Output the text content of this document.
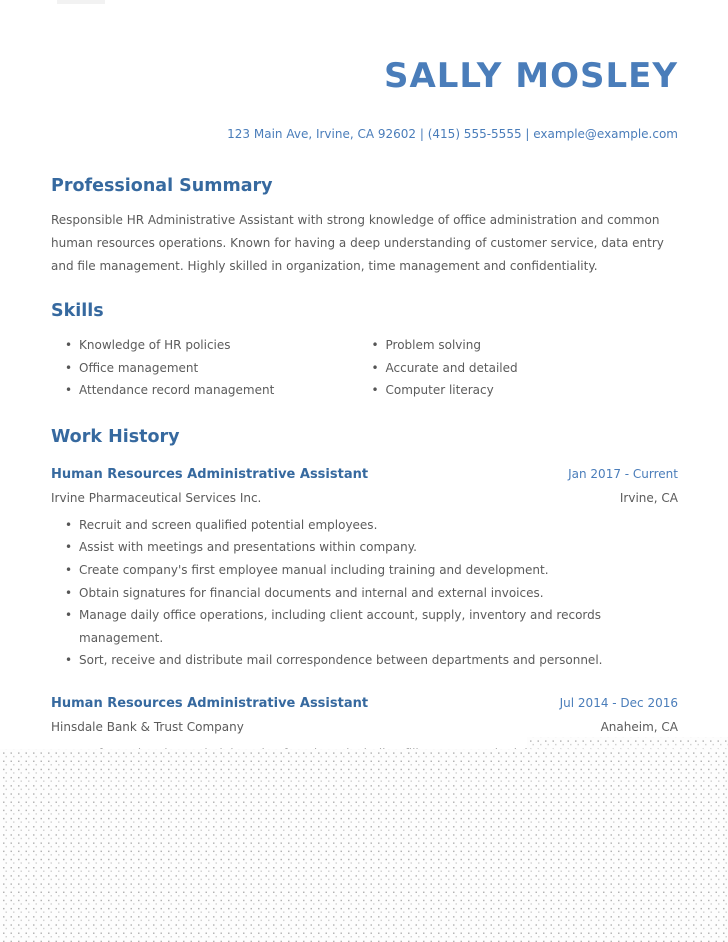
SALLY MOSLEY
123 Main Ave, Irvine, CA 92602 | (415) 555-5555 | example@example.com
Professional Summary

Responsible HR Administrative Assistant with strong knowledge of office administration and common human resources operations. Known for having a deep understanding of customer service, data entry and file management. Highly skilled in organization, time management and confidentiality.

Skills
• Knowledge of HR policies
• Office management
• Attendance record management
• Problem solving
• Accurate and detailed
• Computer literacy
Work History
Human Resources Administrative Assistant	Jan 2017 - Current
Irvine Pharmaceutical Services Inc.	Irvine, CA
• Recruit and screen qualified potential employees.
• Assist with meetings and presentations within company.
• Create company's first employee manual including training and development.
• Obtain signatures for financial documents and internal and external invoices.
• Manage daily office operations, including client account, supply, inventory and records management.
• Sort, receive and distribute mail correspondence between departments and personnel.
Human Resources Administrative Assistant	Jul 2014 - Dec 2016
Hinsdale Bank & Trust Company	Anaheim, CA
•
•
